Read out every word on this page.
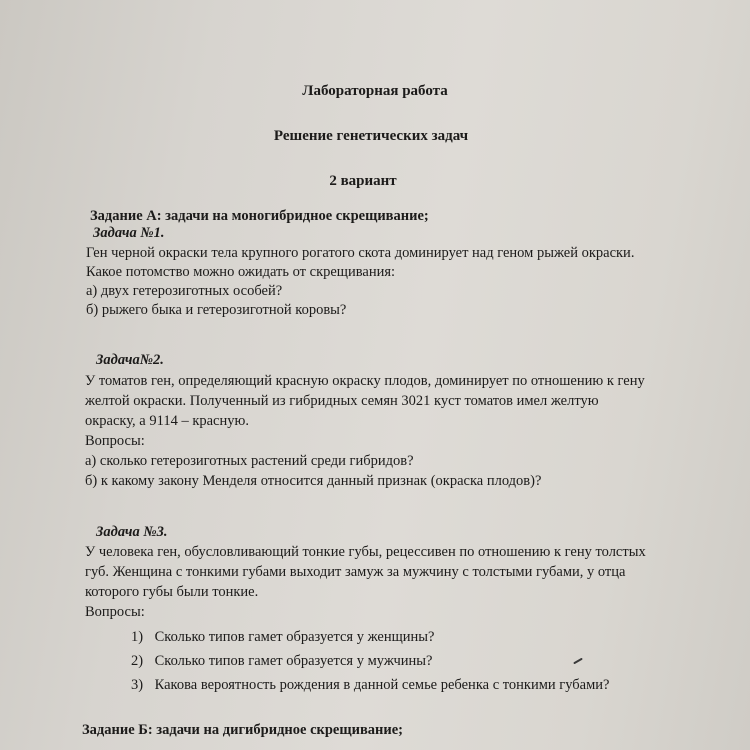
Лабораторная работа
Решение генетических задач
2 вариант
Задание А: задачи на моногибридное скрещивание;
Задача №1.
Ген черной окраски тела крупного рогатого скота доминирует над геном рыжей окраски.
Какое потомство можно ожидать от скрещивания:
а) двух гетерозиготных особей?
б) рыжего быка и гетерозиготной коровы?
Задача№2.
У томатов ген, определяющий красную окраску плодов, доминирует по отношению к гену
желтой окраски. Полученный из гибридных семян 3021 куст томатов имел желтую
окраску, а 9114 – красную.
Вопросы:
а) сколько гетерозиготных растений среди гибридов?
б) к какому закону Менделя относится данный признак (окраска плодов)?
Задача №3.
У человека ген, обусловливающий тонкие губы, рецессивен по отношению к гену толстых
губ. Женщина с тонкими губами выходит замуж за мужчину с толстыми губами, у отца
которого губы были тонкие.
Вопросы:
1) Сколько типов гамет образуется у женщины?
2) Сколько типов гамет образуется у мужчины?
3) Какова вероятность рождения в данной семье ребенка с тонкими губами?
Задание Б: задачи на дигибридное скрещивание;
